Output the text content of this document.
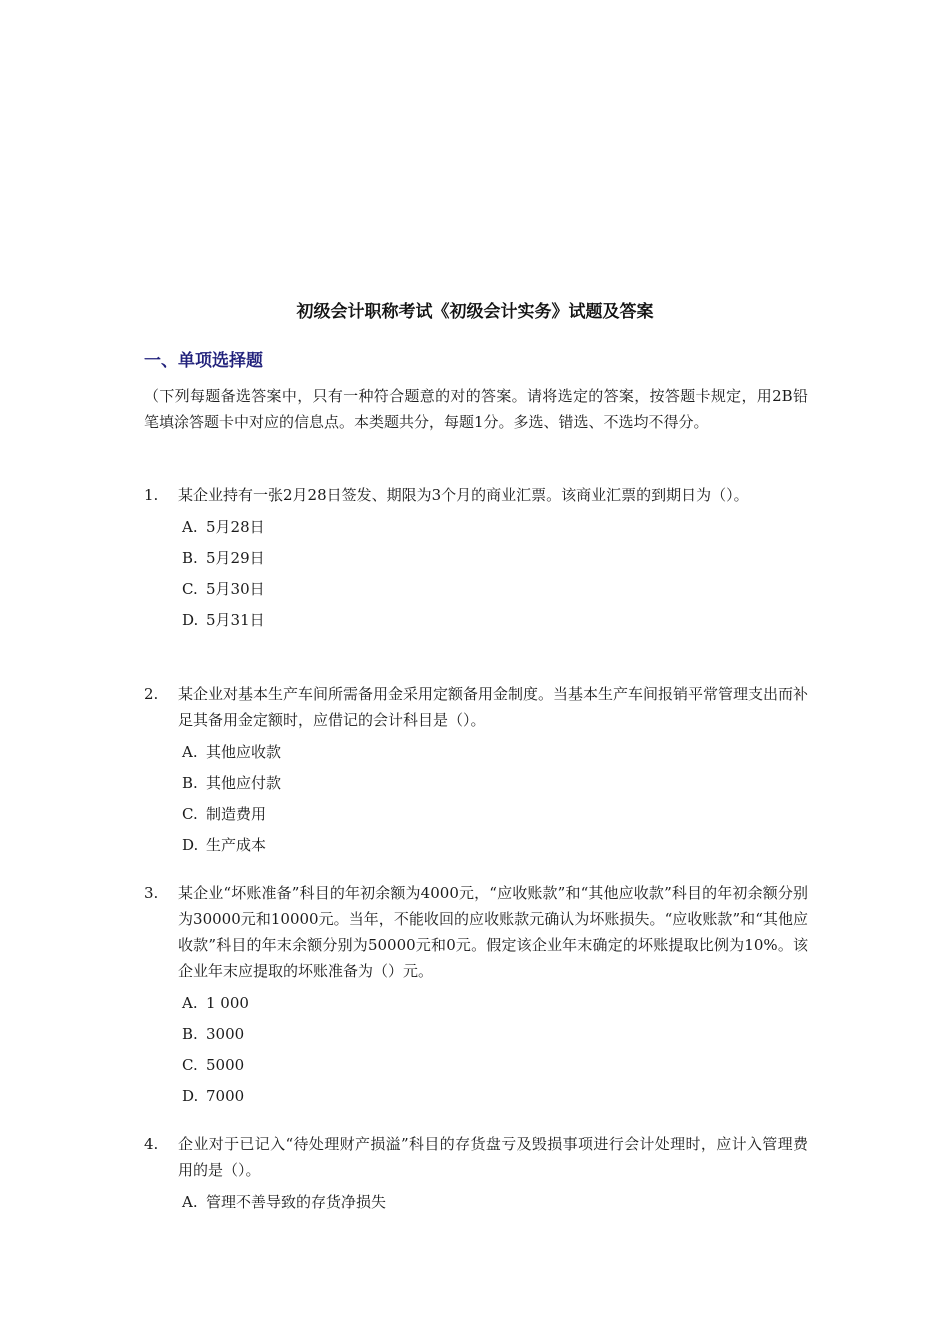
初级会计职称考试《初级会计实务》试题及答案
一、单项选择题
（下列每题备选答案中，只有一种符合题意的对的答案。请将选定的答案，按答题卡规定，用2B铅笔填涂答题卡中对应的信息点。本类题共分，每题1分。多选、错选、不选均不得分。
1. 某企业持有一张2月28日签发、期限为3个月的商业汇票。该商业汇票的到期日为（）。
A. 5月28日
B. 5月29日
C. 5月30日
D. 5月31日
2. 某企业对基本生产车间所需备用金采用定额备用金制度。当基本生产车间报销平常管理支出而补足其备用金定额时，应借记的会计科目是（）。
A. 其他应收款
B. 其他应付款
C. 制造费用
D. 生产成本
3. 某企业“坏账准备”科目的年初余额为4000元，“应收账款”和“其他应收款”科目的年初余额分别为30000元和10000元。当年，不能收回的应收账款元确认为坏账损失。“应收账款”和“其他应收款”科目的年末余额分别为50000元和0元。假定该企业年末确定的坏账提取比例为10%。该企业年末应提取的坏账准备为（）元。
A. 1 000
B. 3000
C. 5000
D. 7000
4. 企业对于已记入“待处理财产损溢”科目的存货盘亏及毁损事项进行会计处理时，应计入管理费用的是（）。
A. 管理不善导致的存货净损失
